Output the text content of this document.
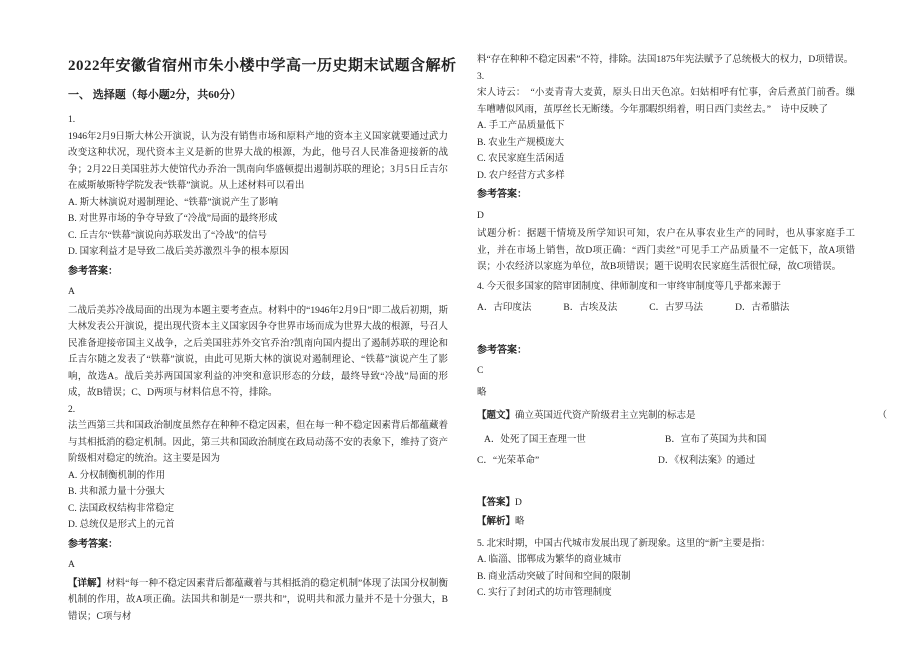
2022年安徽省宿州市朱小楼中学高一历史期末试题含解析
一、 选择题（每小题2分，共60分）

1.

1946年2月9日斯大林公开演说，认为没有销售市场和原料产地的资本主义国家就要通过武力改变这种状况，现代资本主义是新的世界大战的根源，为此，他号召人民准备迎接新的战争；2月22日美国驻苏大使馆代办乔治一凯南向华盛顿提出遏制苏联的理论；3月5日丘吉尔在威斯敏斯特学院发表“铁幕”演说。从上述材料可以看出

A. 斯大林演说对遏制理论、“铁幕”演说产生了影响

B. 对世界市场的争夺导致了“冷战”局面的最终形成

C. 丘吉尔“铁幕”演说向苏联发出了“冷战”的信号

D. 国家利益才是导致二战后美苏激烈斗争的根本原因

参考答案：

A

二战后美苏冷战局面的出现为本题主要考查点。材料中的“1946年2月9日”即二战后初期，斯大林发表公开演说，提出现代资本主义国家因争夺世界市场而成为世界大战的根源，号召人民准备迎接帝国主义战争，之后美国驻苏外交官乔治?凯南向国内提出了遏制苏联的理论和丘吉尔随之发表了“铁幕”演说，由此可见斯大林的演说对遏制理论、“铁幕”演说产生了影响，故选A。战后美苏两国国家利益的冲突和意识形态的分歧，最终导致“冷战”局面的形成，故B错误；C、D两项与材料信息不符，排除。

2.

法兰西第三共和国政治制度虽然存在种种不稳定因素，但在每一种不稳定因素背后都蕴藏着与其相抵消的稳定机制。因此，第三共和国政治制度在政局动荡不安的表象下，维持了资产阶级相对稳定的统治。这主要是因为

A. 分权制衡机制的作用

B. 共和派力量十分强大

C. 法国政权结构非常稳定

D. 总统仅是形式上的元首

参考答案：

A

【详解】材料“每一种不稳定因素背后都蕴藏着与其相抵消的稳定机制”体现了法国分权制衡机制的作用，故A项正确。法国共和制是“一票共和”，说明共和派力量并不是十分强大，B错误；C项与材

料“存在种种不稳定因素”不符，排除。法国1875年宪法赋予了总统极大的权力，D项错误。

3.

宋人诗云：　“小麦青青大麦黄，原头日出天色凉。妇姑相呼有忙事，舍后煮茧门前香。缫车嘈嘈似风雨，茧厚丝长无断缕。今年那暇织绢着，明日西门卖丝去。”　诗中反映了

A. 手工产品质量低下

B. 农业生产规模庞大

C. 农民家庭生活闲适

D. 农户经营方式多样

参考答案：

D

试题分析：据题干情境及所学知识可知，农户在从事农业生产的同时，也从事家庭手工业，并在市场上销售，故D项正确：“西门卖丝”可见手工产品质量不一定低下，故A项错误；小农经济以家庭为单位，故B项错误；题干说明农民家庭生活很忙碌，故C项错误。

4. 今天很多国家的陪审团制度、律师制度和一审终审制度等几乎都来源于

A．古印度法	B．古埃及法	C．古罗马法	D．古希腊法

参考答案：

C

略

【题文】确立英国近代资产阶级君主立宪制的标志是	（
A．处死了国王查理一世	B．宣布了英国为共和国
C．“光荣革命”	D．《权利法案》的通过

【答案】D

【解析】略

5. 北宋时期，中国古代城市发展出现了新现象。这里的“新”主要是指：

A. 临淄、邯郸成为繁华的商业城市

B. 商业活动突破了时间和空间的限制

C. 实行了封闭式的坊市管理制度
